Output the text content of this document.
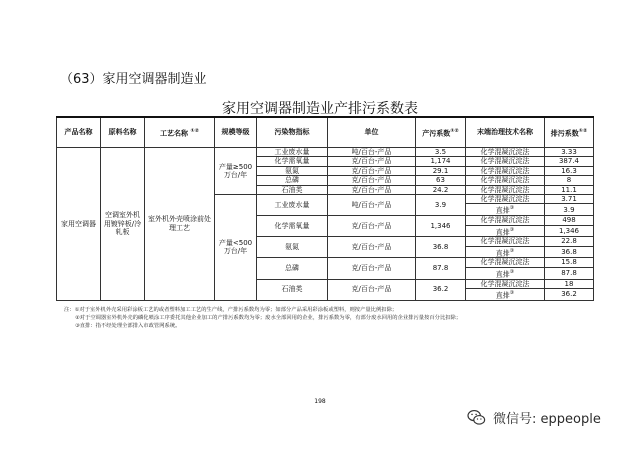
（63）家用空调器制造业
家用空调器制造业产排污系数表
产品名称	原料名称	工艺名称 ①②	规模等级	污染物指标	单位	产污系数①②	末端治理技术名称	排污系数①②
家用空调器	空调室外机用镀锌板/冷轧板	室外机外壳喷涂前处理工艺	产量≥500万台/年	工业废水量	吨/百台-产品	3.5	化学混凝沉淀法	3.33
				化学需氧量	克/百台-产品	1,174	化学混凝沉淀法	387.4
				氨氮	克/百台-产品	29.1	化学混凝沉淀法	16.3
				总磷	克/百台-产品	63	化学混凝沉淀法	8
				石油类	克/百台-产品	24.2	化学混凝沉淀法	11.1
			产量<500万台/年	工业废水量	吨/百台-产品	3.9	化学混凝沉淀法	3.71
							直排③	3.9
				化学需氧量	克/百台-产品	1,346	化学混凝沉淀法	498
							直排③	1,346
				氨氮	克/百台-产品	36.8	化学混凝沉淀法	22.8
							直排③	36.8
				总磷	克/百台-产品	87.8	化学混凝沉淀法	15.8
							直排③	87.8
				石油类	克/百台-产品	36.2	化学混凝沉淀法	18
							直排③	36.2
注：①对于室外机外壳采用彩涂板工艺的或者塑料加工工艺的生产线，产排污系数均为零；如部分产品采用彩涂板或塑料，则按产量比例扣除；
②对于空调器室外机外壳的磷化喷涂工序委托其他企业加工的产排污系数均为零；废水全部回用的企业，排污系数为零，有部分废水回用的企业排污量按百分比扣除；
③直排：指不经处理全部排入市政管网系统。
198
微信号: eppeople
